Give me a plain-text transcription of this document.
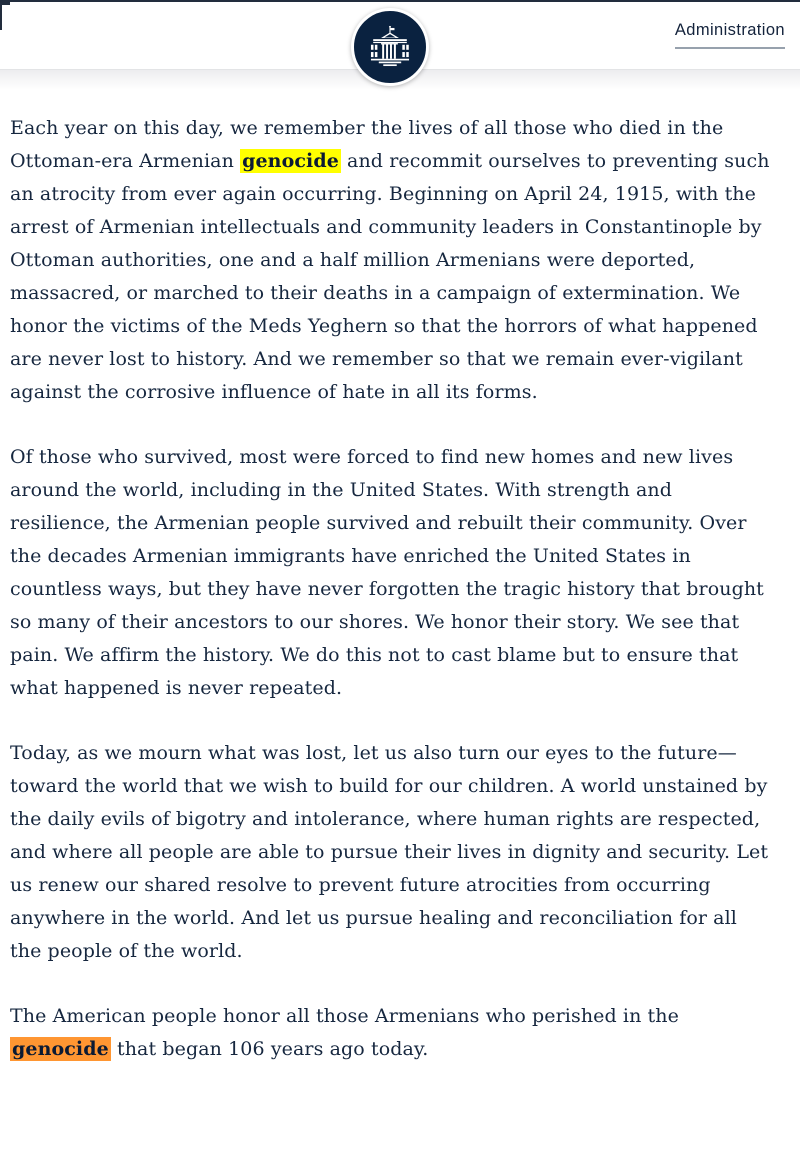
Administration

Each year on this day, we remember the lives of all those who died in the Ottoman-era Armenian genocide and recommit ourselves to preventing such an atrocity from ever again occurring. Beginning on April 24, 1915, with the arrest of Armenian intellectuals and community leaders in Constantinople by Ottoman authorities, one and a half million Armenians were deported, massacred, or marched to their deaths in a campaign of extermination. We honor the victims of the Meds Yeghern so that the horrors of what happened are never lost to history. And we remember so that we remain ever-vigilant against the corrosive influence of hate in all its forms.

Of those who survived, most were forced to find new homes and new lives around the world, including in the United States. With strength and resilience, the Armenian people survived and rebuilt their community. Over the decades Armenian immigrants have enriched the United States in countless ways, but they have never forgotten the tragic history that brought so many of their ancestors to our shores. We honor their story. We see that pain. We affirm the history. We do this not to cast blame but to ensure that what happened is never repeated.

Today, as we mourn what was lost, let us also turn our eyes to the future—toward the world that we wish to build for our children. A world unstained by the daily evils of bigotry and intolerance, where human rights are respected, and where all people are able to pursue their lives in dignity and security. Let us renew our shared resolve to prevent future atrocities from occurring anywhere in the world. And let us pursue healing and reconciliation for all the people of the world.

The American people honor all those Armenians who perished in the genocide that began 106 years ago today.
